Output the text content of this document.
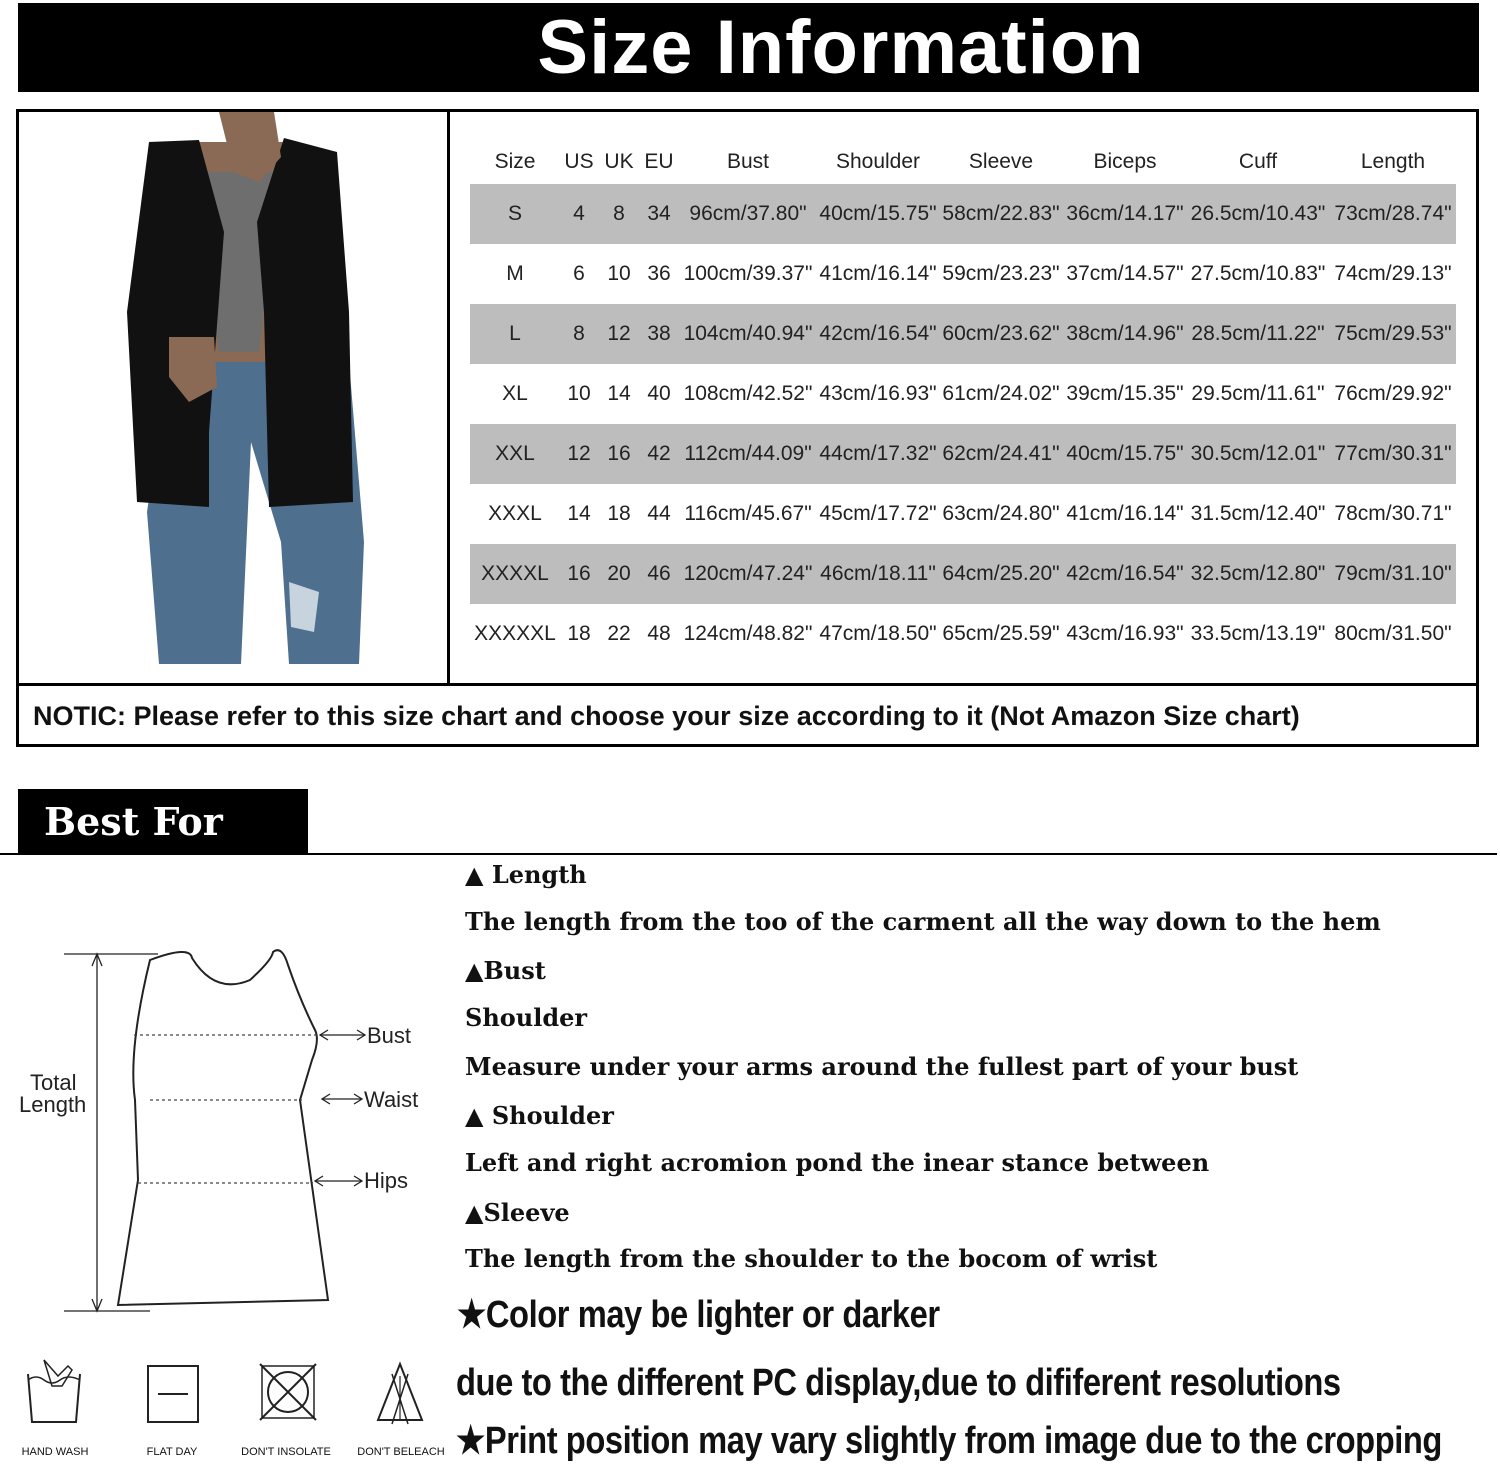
Size Information
Size	US	UK	EU	Bust	Shoulder	Sleeve	Biceps	Cuff	Length
S	4	8	34	96cm/37.80"	40cm/15.75"	58cm/22.83"	36cm/14.17"	26.5cm/10.43"	73cm/28.74"
M	6	10	36	100cm/39.37"	41cm/16.14"	59cm/23.23"	37cm/14.57"	27.5cm/10.83"	74cm/29.13"
L	8	12	38	104cm/40.94"	42cm/16.54"	60cm/23.62"	38cm/14.96"	28.5cm/11.22"	75cm/29.53"
XL	10	14	40	108cm/42.52"	43cm/16.93"	61cm/24.02"	39cm/15.35"	29.5cm/11.61"	76cm/29.92"
XXL	12	16	42	112cm/44.09"	44cm/17.32"	62cm/24.41"	40cm/15.75"	30.5cm/12.01"	77cm/30.31"
XXXL	14	18	44	116cm/45.67"	45cm/17.72"	63cm/24.80"	41cm/16.14"	31.5cm/12.40"	78cm/30.71"
XXXXL	16	20	46	120cm/47.24"	46cm/18.11"	64cm/25.20"	42cm/16.54"	32.5cm/12.80"	79cm/31.10"
XXXXXL	18	22	48	124cm/48.82"	47cm/18.50"	65cm/25.59"	43cm/16.93"	33.5cm/13.19"	80cm/31.50"
NOTIC: Please refer to this size chart and choose your size according to it (Not Amazon Size chart)
Best For You
Total
Length
Bust
Waist
Hips
▲ Length
The length from the too of the carment all the way down to the hem
▲Bust
Shoulder
Measure under your arms around the fullest part of your bust
▲ Shoulder
Left and right acromion pond the inear stance between
▲Sleeve
The length from the shoulder to the bocom of wrist
★Color may be lighter or darker
due to the different PC display,due to dififerent resolutions
★Print position may vary slightly from image due to the cropping
HAND WASH	FLAT DAY	DON'T INSOLATE	DON'T BELEACH
